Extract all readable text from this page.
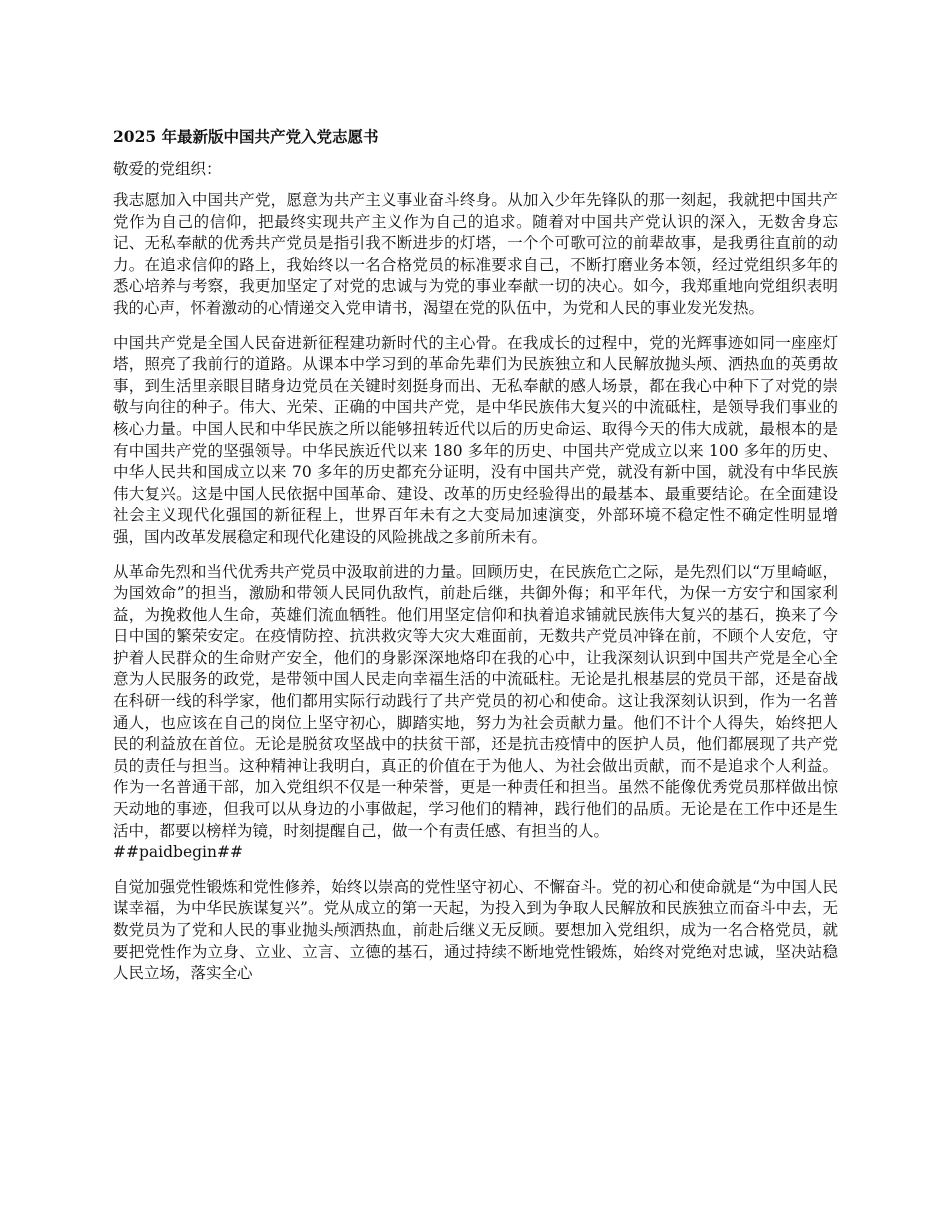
2025 年最新版中国共产党入党志愿书
敬爱的党组织：
我志愿加入中国共产党，愿意为共产主义事业奋斗终身。从加入少年先锋队的那一刻起，我就把中国共产党作为自己的信仰，把最终实现共产主义作为自己的追求。随着对中国共产党认识的深入，无数舍身忘记、无私奉献的优秀共产党员是指引我不断进步的灯塔，一个个可歌可泣的前辈故事，是我勇往直前的动力。在追求信仰的路上，我始终以一名合格党员的标准要求自己，不断打磨业务本领，经过党组织多年的悉心培养与考察，我更加坚定了对党的忠诚与为党的事业奉献一切的决心。如今，我郑重地向党组织表明我的心声，怀着激动的心情递交入党申请书，渴望在党的队伍中，为党和人民的事业发光发热。
中国共产党是全国人民奋进新征程建功新时代的主心骨。在我成长的过程中，党的光辉事迹如同一座座灯塔，照亮了我前行的道路。从课本中学习到的革命先辈们为民族独立和人民解放抛头颅、洒热血的英勇故事，到生活里亲眼目睹身边党员在关键时刻挺身而出、无私奉献的感人场景，都在我心中种下了对党的崇敬与向往的种子。伟大、光荣、正确的中国共产党，是中华民族伟大复兴的中流砥柱，是领导我们事业的核心力量。中国人民和中华民族之所以能够扭转近代以后的历史命运、取得今天的伟大成就，最根本的是有中国共产党的坚强领导。中华民族近代以来 180 多年的历史、中国共产党成立以来 100 多年的历史、中华人民共和国成立以来 70 多年的历史都充分证明，没有中国共产党，就没有新中国，就没有中华民族伟大复兴。这是中国人民依据中国革命、建设、改革的历史经验得出的最基本、最重要结论。在全面建设社会主义现代化强国的新征程上，世界百年未有之大变局加速演变，外部环境不稳定性不确定性明显增强，国内改革发展稳定和现代化建设的风险挑战之多前所未有。
从革命先烈和当代优秀共产党员中汲取前进的力量。回顾历史，在民族危亡之际，是先烈们以“万里崎岖，为国效命”的担当，激励和带领人民同仇敌忾，前赴后继，共御外侮；和平年代，为保一方安宁和国家利益，为挽救他人生命，英雄们流血牺牲。他们用坚定信仰和执着追求铺就民族伟大复兴的基石，换来了今日中国的繁荣安定。在疫情防控、抗洪救灾等大灾大难面前，无数共产党员冲锋在前，不顾个人安危，守护着人民群众的生命财产安全，他们的身影深深地烙印在我的心中，让我深刻认识到中国共产党是全心全意为人民服务的政党，是带领中国人民走向幸福生活的中流砥柱。无论是扎根基层的党员干部，还是奋战在科研一线的科学家，他们都用实际行动践行了共产党员的初心和使命。这让我深刻认识到，作为一名普通人，也应该在自己的岗位上坚守初心，脚踏实地，努力为社会贡献力量。他们不计个人得失，始终把人民的利益放在首位。无论是脱贫攻坚战中的扶贫干部，还是抗击疫情中的医护人员，他们都展现了共产党员的责任与担当。这种精神让我明白，真正的价值在于为他人、为社会做出贡献，而不是追求个人利益。作为一名普通干部，加入党组织不仅是一种荣誉，更是一种责任和担当。虽然不能像优秀党员那样做出惊天动地的事迹，但我可以从身边的小事做起，学习他们的精神，践行他们的品质。无论是在工作中还是生活中，都要以榜样为镜，时刻提醒自己，做一个有责任感、有担当的人。
##paidbegin##
自觉加强党性锻炼和党性修养，始终以崇高的党性坚守初心、不懈奋斗。党的初心和使命就是“为中国人民谋幸福，为中华民族谋复兴”。党从成立的第一天起，为投入到为争取人民解放和民族独立而奋斗中去，无数党员为了党和人民的事业抛头颅洒热血，前赴后继义无反顾。要想加入党组织，成为一名合格党员，就要把党性作为立身、立业、立言、立德的基石，通过持续不断地党性锻炼，始终对党绝对忠诚，坚决站稳人民立场，落实全心
